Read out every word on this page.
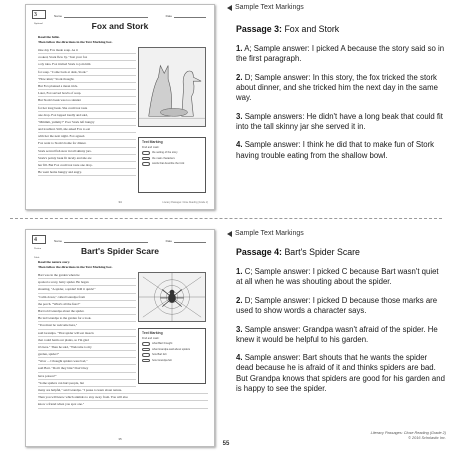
3 Optional
Name	Date
Fox and Stork
Read the fable.
Then follow the directions in the Text Marking box.
One day Fox made soup. As it
cooked, Stork flew by. "Just your fox
a sly idea. Fox invited Stork to join him
for soup. "Come back at dark, Stork."
"How kind," Stork thought.
But Fox planned a mean trick.
Later, Fox served bowls of soup.
But Stork's beak was too slender
for her long beak. She could not taste
one drop. Fox lapped loudly and said,
"Mmmm, yummy!" Poor Stork left hungry
and troubled. Still, she asked Fox to eat
with her the next night. Fox agreed.
Fox went to Stork's home for dinner.
Stork served fish stew in tall skinny jars.
Stork's pointy beak fit nicely and she ate
her fill. But Fox could not taste one drop.
He went home hungry and angry.
Text Marking
Find and mark:
the setting of the story
the main characters
words that describe the trick
34	Literacy Passages: Close Reading (Grade 2)
Sample Text Markings
Passage 3: Fox and Stork
1. A; Sample answer: I picked A because the story said so in the first paragraph.
2. D; Sample answer: In this story, the fox tricked the stork about dinner, and she tricked him the next day in the same way.
3. Sample answers: He didn't have a long beak that could fit into the tall skinny jar she served it in.
4. Sample answer: I think he did that to make fun of Stork having trouble eating from the shallow bowl.
4 Fiction Fable
Name	Date
Bart's Spider Scare
Read the nature story.
Then follow the directions in the Text Marking box.
Bart was in the garden when he
spotted a scary, hairy spider. He began
shouting, "A spider, a spider! Kill it quick!"
"Calm down," called Grandpa from
the porch. "What's all the fuss?"
Bart told Grandpa about the spider.
He led Grandpa to the garden for a look.
"You must be welcome here,"
said Grandpa. "That spider will eat insects
that could harm our plants, so I'm glad
it's here." Then he said, "Welcome to my
garden, spider!"
"Wow ... I thought spiders were bad,"
said Bart. "Don't they bite? Don't they
have poison?"
"Some spiders can hurt people, but
many are helpful," said Grandpa. "I pause to learn about nature.
Then you will know which animals to stay away from. You will also
know a friend when you spot one."
Text Marking
Find and mark:
what Bart thought
what Grandpa said about spiders
how Bart felt
how Grandpa felt
35
Sample Text Markings
Passage 4: Bart's Spider Scare
1. C; Sample answer: I picked C because Bart wasn't quiet at all when he was shouting about the spider.
2. D; Sample answer: I picked D because those marks are used to show words a character says.
3. Sample answer: Grandpa wasn't afraid of the spider. He knew it would be helpful to his garden.
4. Sample answer: Bart shouts that he wants the spider dead because he is afraid of it and thinks spiders are bad. But Grandpa knows that spiders are good for his garden and is happy to see the spider.
Literacy Passages: Close Reading (Grade 2)
© 2016 Scholastic Inc.
55
